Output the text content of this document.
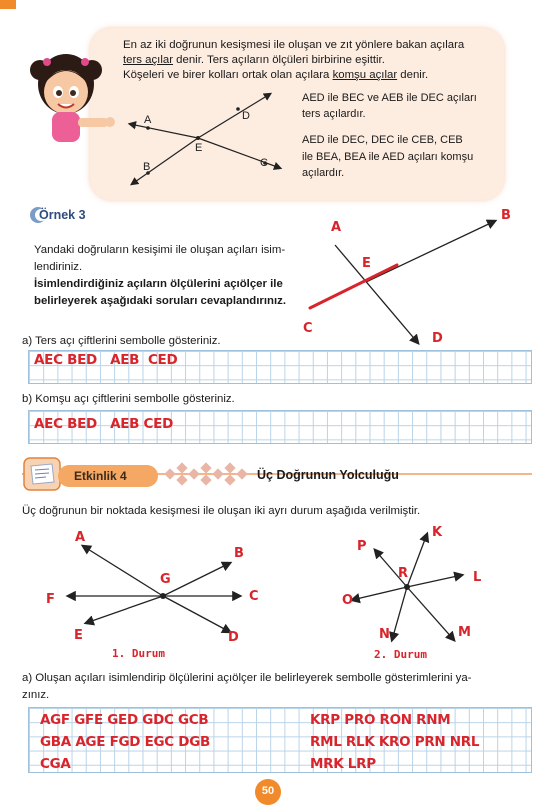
En az iki doğrunun kesişmesi ile oluşan ve zıt yönlere bakan açılara
ters açılar denir. Ters açıların ölçüleri birbirine eşittir.
Köşeleri ve birer kolları ortak olan açılara komşu açılar denir.
AED ile BEC ve AEB ile DEC açıları
ters açılardır.
AED ile DEC, DEC ile CEB, CEB
ile BEA, BEA ile AED açıları komşu
açılardır.
A	D
E
B	C
Örnek 3
Yandaki doğruların kesişimi ile oluşan açıları isim-
lendiriniz.
İsimlendirdiğiniz açıların ölçülerini açıölçer ile
belirleyerek aşağıdaki soruları cevaplandırınız.
A
B
E
C
D
a) Ters açı çiftlerini sembolle gösteriniz.
AEC BED   AEB  CED
b) Komşu açı çiftlerini sembolle gösteriniz.
AEC BED   AEB CED
Etkinlik 4	Üç Doğrunun Yolculuğu
Üç doğrunun bir noktada kesişmesi ile oluşan iki ayrı durum aşağıda verilmiştir.
A
B
G
C
F
E	D
1. Durum
K
P
R	L
O
N	M
2. Durum
a) Oluşan açıları isimlendirip ölçülerini açıölçer ile belirleyerek sembolle gösterimlerini ya-
zınız.
AGF GFE GED GDC GCB
GBA AGE FGD EGC DGB
CGA
KRP PRO RON RNM
RML RLK KRO PRN NRL
MRK LRP
50
